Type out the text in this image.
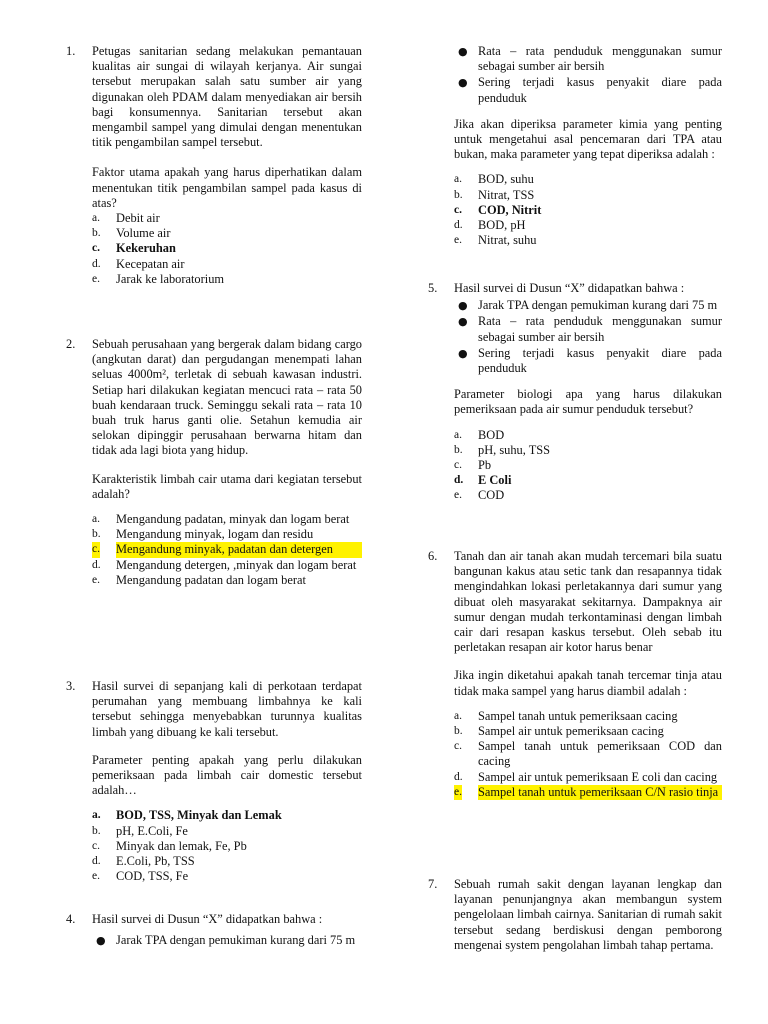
1. Petugas sanitarian sedang melakukan pemantauan kualitas air sungai di wilayah kerjanya. Air sungai tersebut merupakan salah satu sumber air yang digunakan oleh PDAM dalam menyediakan air bersih bagi konsumennya. Sanitarian tersebut akan mengambil sampel yang dimulai dengan menentukan titik pengambilan sampel tersebut.

Faktor utama apakah yang harus diperhatikan dalam menentukan titik pengambilan sampel pada kasus di atas?

a. Debit air
b. Volume air
c. Kekeruhan
d. Kecepatan air
e. Jarak ke laboratorium
2. Sebuah perusahaan yang bergerak dalam bidang cargo (angkutan darat) dan pergudangan menempati lahan seluas 4000m², terletak di sebuah kawasan industri. Setiap hari dilakukan kegiatan mencuci rata – rata 50 buah kendaraan truck. Seminggu sekali rata – rata 10 buah truk harus ganti olie. Setahun kemudia air selokan dipinggir perusahaan berwarna hitam dan tidak ada lagi biota yang hidup.

Karakteristik limbah cair utama dari kegiatan tersebut adalah?

a. Mengandung padatan, minyak dan logam berat
b. Mengandung minyak, logam dan residu
c. Mengandung minyak, padatan dan detergen
d. Mengandung detergen, ,minyak dan logam berat
e. Mengandung padatan dan logam berat
3. Hasil survei di sepanjang kali di perkotaan terdapat perumahan yang membuang limbahnya ke kali tersebut sehingga menyebabkan turunnya kualitas limbah yang dibuang ke kali tersebut.

Parameter penting apakah yang perlu dilakukan pemeriksaan pada limbah cair domestic tersebut adalah…

a. BOD, TSS, Minyak dan Lemak
b. pH, E.Coli, Fe
c. Minyak dan lemak, Fe, Pb
d. E.Coli, Pb, TSS
e. COD, TSS, Fe
4. Hasil survei di Dusun “X” didapatkan bahwa :

● Jarak TPA dengan pemukiman kurang dari 75 m
● Rata – rata penduduk menggunakan sumur sebagai sumber air bersih
● Sering terjadi kasus penyakit diare pada penduduk

Jika akan diperiksa parameter kimia yang penting untuk mengetahui asal pencemaran dari TPA atau bukan, maka parameter yang tepat diperiksa adalah :

a. BOD, suhu
b. Nitrat, TSS
c. COD, Nitrit
d. BOD, pH
e. Nitrat, suhu
5. Hasil survei di Dusun “X” didapatkan bahwa :

● Jarak TPA dengan pemukiman kurang dari 75 m
● Rata – rata penduduk menggunakan sumur sebagai sumber air bersih
● Sering terjadi kasus penyakit diare pada penduduk

Parameter biologi apa yang harus dilakukan pemeriksaan pada air sumur penduduk tersebut?

a. BOD
b. pH, suhu, TSS
c. Pb
d. E Coli
e. COD
6. Tanah dan air tanah akan mudah tercemari bila suatu bangunan kakus atau setic tank dan resapannya tidak mengindahkan lokasi perletakannya dari sumur yang dibuat oleh masyarakat sekitarnya. Dampaknya air sumur dengan mudah terkontaminasi dengan limbah cair dari resapan kaskus tersebut. Oleh sebab itu perletakan resapan air kotor harus benar

Jika ingin diketahui apakah tanah tercemar tinja atau tidak maka sampel yang harus diambil adalah :

a. Sampel tanah untuk pemeriksaan cacing
b. Sampel air untuk pemeriksaan cacing
c. Sampel tanah untuk pemeriksaan COD dan cacing
d. Sampel air untuk pemeriksaan E coli dan cacing
e. Sampel tanah untuk pemeriksaan C/N rasio tinja
7. Sebuah rumah sakit dengan layanan lengkap dan layanan penunjangnya akan membangun system pengelolaan limbah cairnya. Sanitarian di rumah sakit tersebut sedang berdiskusi dengan pemborong mengenai system pengolahan limbah tahap pertama.
